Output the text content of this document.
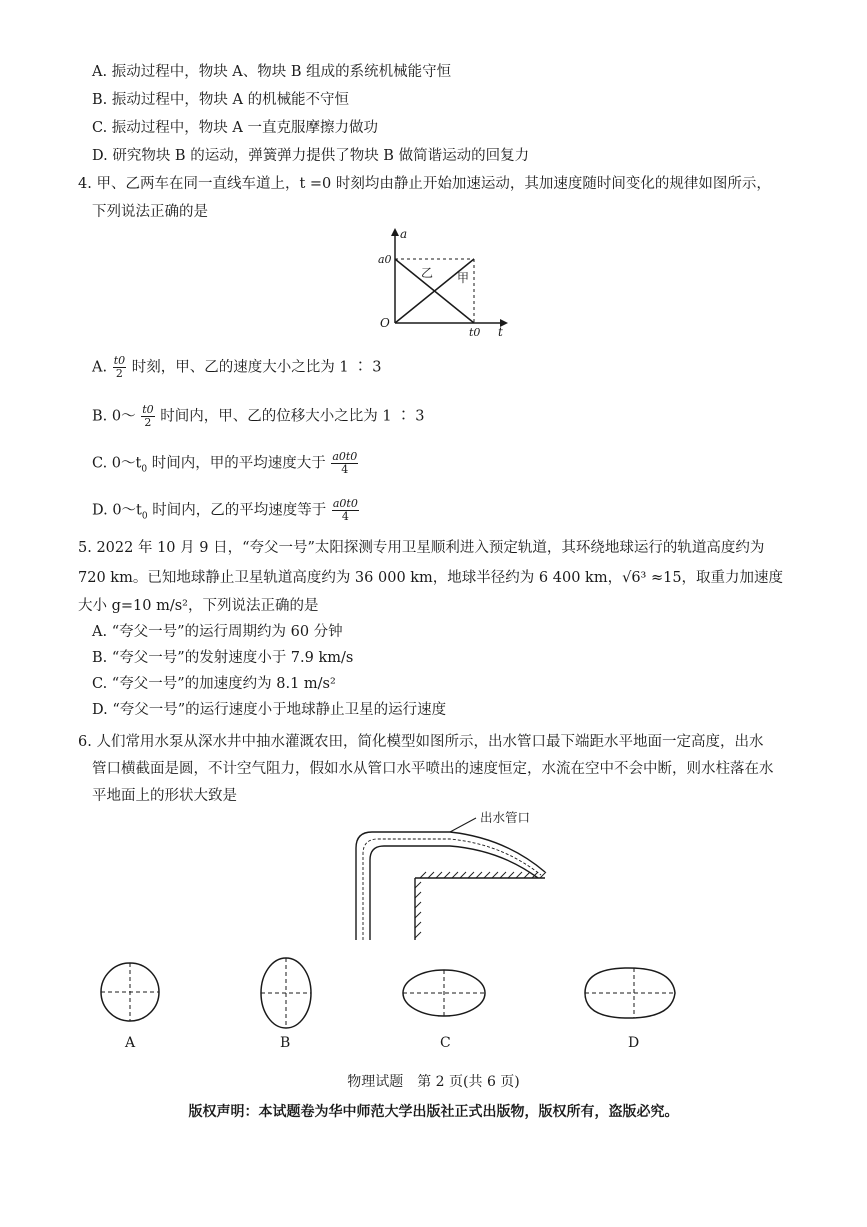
A. 振动过程中，物块 A、物块 B 组成的系统机械能守恒
B. 振动过程中，物块 A 的机械能不守恒
C. 振动过程中，物块 A 一直克服摩擦力做功
D. 研究物块 B 的运动，弹簧弹力提供了物块 B 做简谐运动的回复力
4. 甲、乙两车在同一直线车道上，t =0 时刻均由静止开始加速运动，其加速度随时间变化的规律如图所示，
下列说法正确的是
a
t
O
a0
t0
乙 甲
A. $\frac{t0}{2}$ 时刻，甲、乙的速度大小之比为 1 ∶ 3
B. 0～ $\frac{t0}{2}$ 时间内，甲、乙的位移大小之比为 1 ∶ 3
C. $0\sim t_0$ 时间内，甲的平均速度大于 $\frac{a0t0}{4}$
D. $0\sim t_0$ 时间内，乙的平均速度等于 $\frac{a0t0}{4}$
5. 2022 年 10 月 9 日，“夸父一号”太阳探测专用卫星顺利进入预定轨道，其环绕地球运行的轨道高度约为
720 km。已知地球静止卫星轨道高度约为 36 000 km，地球半径约为 6 400 km，√6³ ≈15，取重力加速度
大小 g=10 m/s²，下列说法正确的是
A. “夸父一号”的运行周期约为 60 分钟
B. “夸父一号”的发射速度小于 7.9 km/s
C. “夸父一号”的加速度约为 8.1 m/s²
D. “夸父一号”的运行速度小于地球静止卫星的运行速度
6. 人们常用水泵从深水井中抽水灌溉农田，简化模型如图所示，出水管口最下端距水平地面一定高度，出水
管口横截面是圆，不计空气阻力，假如水从管口水平喷出的速度恒定，水流在空中不会中断，则水柱落在水
平地面上的形状大致是
出水管口
A	B	C	D
物理试题　第 2 页(共 6 页)
版权声明：本试题卷为华中师范大学出版社正式出版物，版权所有，盗版必究。
